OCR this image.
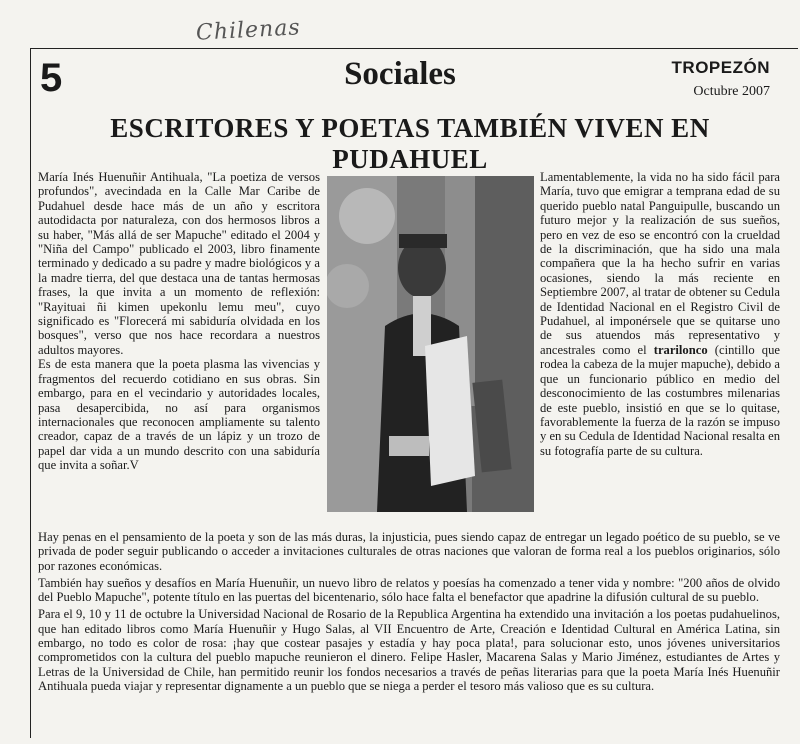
Chilenas
5	Sociales	TROPEZÓN
Octubre 2007
ESCRITORES Y POETAS TAMBIÉN VIVEN EN PUDAHUEL

María Inés Huenuñir Antihuala, "La poetiza de versos profundos", avecindada en la Calle Mar Caribe de Pudahuel desde hace más de un año y escritora autodidacta por naturaleza, con dos hermosos libros a su haber, "Más allá de ser Mapuche" editado el 2004 y "Niña del Campo" publicado el 2003, libro finamente terminado y dedicado a su padre y madre biológicos y a la madre tierra, del que destaca una de tantas hermosas frases, la que invita a un momento de reflexión: "Rayituai ñi kimen upekonlu lemu meu", cuyo significado es "Florecerá mi sabiduría olvidada en los bosques", verso que nos hace recordara a nuestros adultos mayores.

Es de esta manera que la poeta plasma las vivencias y fragmentos del recuerdo cotidiano en sus obras. Sin embargo, para en el vecindario y autoridades locales, pasa desapercibida, no así para organismos internacionales que reconocen ampliamente su talento creador, capaz de a través de un lápiz y un trozo de papel dar vida a un mundo descrito con una sabiduría que invita a soñar.V

Lamentablemente, la vida no ha sido fácil para María, tuvo que emigrar a temprana edad de su querido pueblo natal Panguipulle, buscando un futuro mejor y la realización de sus sueños, pero en vez de eso se encontró con la crueldad de la discriminación, que ha sido una mala compañera que la ha hecho sufrir en varias ocasiones, siendo la más reciente en Septiembre 2007, al tratar de obtener su Cedula de Identidad Nacional en el Registro Civil de Pudahuel, al imponérsele que se quitarse uno de sus atuendos más representativo y ancestrales como el trarilonco (cintillo que rodea la cabeza de la mujer mapuche), debido a que un funcionario público en medio del desconocimiento de las costumbres milenarias de este pueblo, insistió en que se lo quitase, favorablemente la fuerza de la razón se impuso y en su Cedula de Identidad Nacional resalta en su fotografía parte de su cultura.

Hay penas en el pensamiento de la poeta y son de las más duras, la injusticia, pues siendo capaz de entregar un legado poético de su pueblo, se ve privada de poder seguir publicando o acceder a invitaciones culturales de otras naciones que valoran de forma real a los pueblos originarios, sólo por razones económicas.

También hay sueños y desafíos en María Huenuñir, un nuevo libro de relatos y poesías ha comenzado a tener vida y nombre: "200 años de olvido del Pueblo Mapuche", potente título en las puertas del bicentenario, sólo hace falta el benefactor que apadrine la difusión cultural de su pueblo.

Para el 9, 10 y 11 de octubre la Universidad Nacional de Rosario de la Republica Argentina ha extendido una invitación a los poetas pudahuelinos, que han editado libros como María Huenuñir y Hugo Salas, al VII Encuentro de Arte, Creación e Identidad Cultural en América Latina, sin embargo, no todo es color de rosa: ¡hay que costear pasajes y estadía y hay poca plata!, para solucionar esto, unos jóvenes universitarios comprometidos con la cultura del pueblo mapuche reunieron el dinero. Felipe Hasler, Macarena Salas y Mario Jiménez, estudiantes de Artes y Letras de la Universidad de Chile, han permitido reunir los fondos necesarios a través de peñas literarias para que la poeta María Inés Huenuñir Antihuala pueda viajar y representar dignamente a un pueblo que se niega a perder el tesoro más valioso que es su cultura.
